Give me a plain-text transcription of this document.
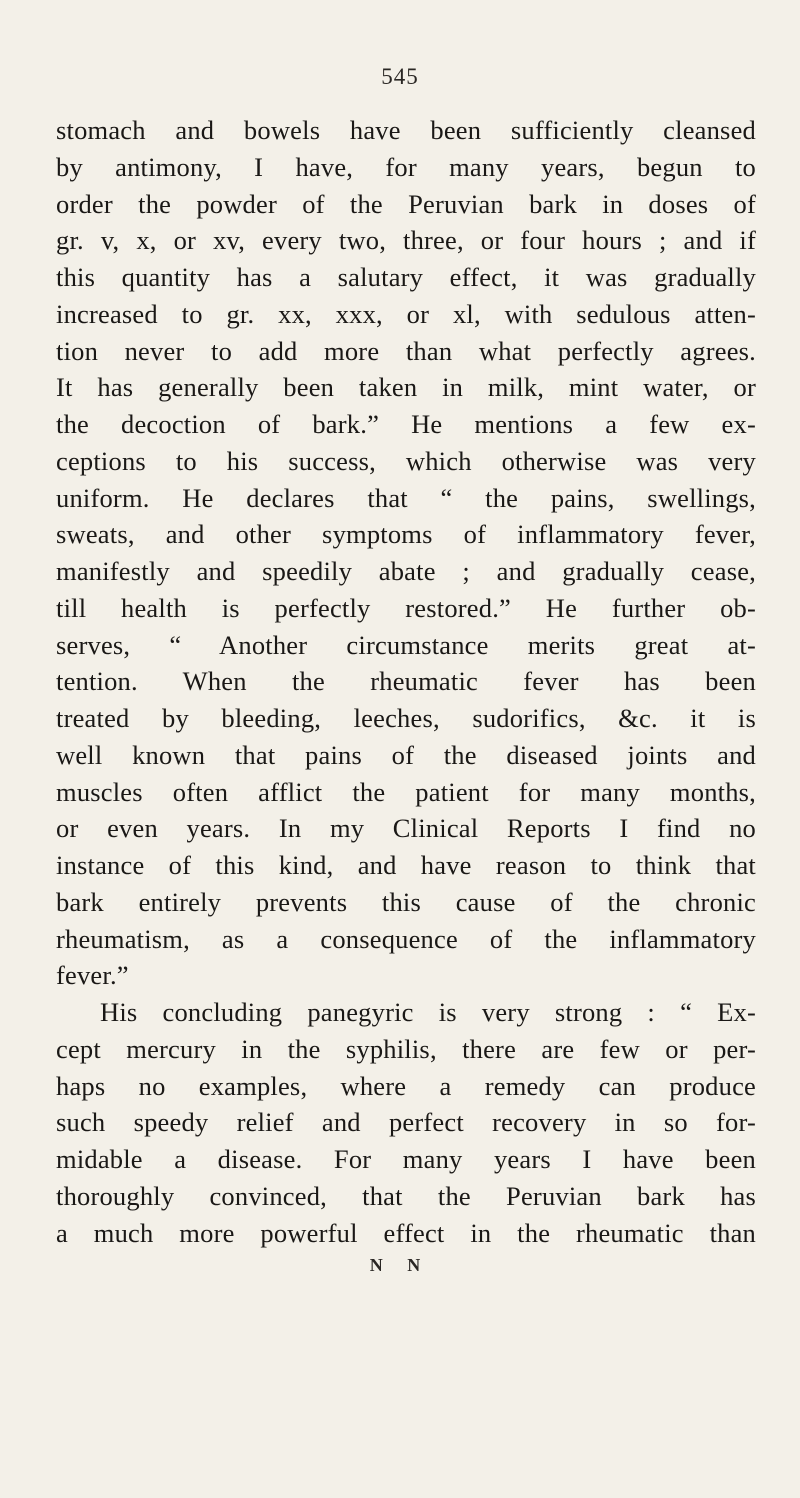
545
stomach and bowels have been sufficiently cleansed
by antimony, I have, for many years, begun to
order the powder of the Peruvian bark in doses of
gr. v, x, or xv, every two, three, or four hours ; and if
this quantity has a salutary effect, it was gradually
increased to gr. xx, xxx, or xl, with sedulous atten-
tion never to add more than what perfectly agrees.
It has generally been taken in milk, mint water, or
the decoction of bark.” He mentions a few ex-
ceptions to his success, which otherwise was very
uniform. He declares that “ the pains, swellings,
sweats, and other symptoms of inflammatory fever,
manifestly and speedily abate ; and gradually cease,
till health is perfectly restored.” He further ob-
serves, “ Another circumstance merits great at-
tention. When the rheumatic fever has been
treated by bleeding, leeches, sudorifics, &c. it is
well known that pains of the diseased joints and
muscles often afflict the patient for many months,
or even years. In my Clinical Reports I find no
instance of this kind, and have reason to think that
bark entirely prevents this cause of the chronic
rheumatism, as a consequence of the inflammatory
fever.”
His concluding panegyric is very strong : “ Ex-
cept mercury in the syphilis, there are few or per-
haps no examples, where a remedy can produce
such speedy relief and perfect recovery in so for-
midable a disease. For many years I have been
thoroughly convinced, that the Peruvian bark has
a much more powerful effect in the rheumatic than
N N
